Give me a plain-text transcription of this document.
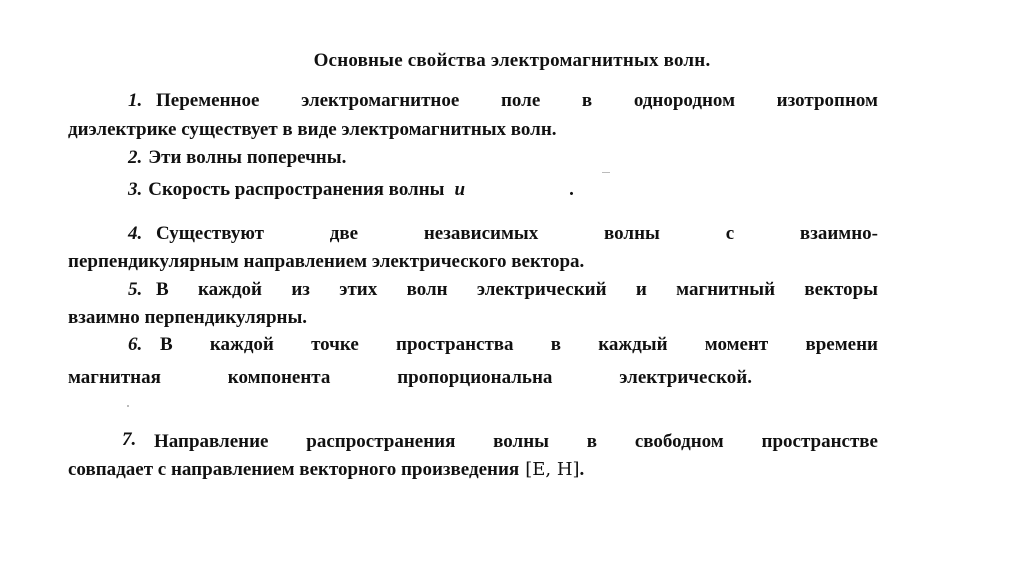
Основные свойства электромагнитных волн.
1. Переменное электромагнитное поле в однородном изотропном
диэлектрике существует в виде электромагнитных волн.
2. Эти волны поперечны.
3. Скорость распространения волны u	.
4. Существуют две независимых волны с взаимно-
перпендикулярным направлением электрического вектора.
5. В каждой из этих волн электрический и магнитный векторы
взаимно перпендикулярны.
6. В каждой точке пространства в каждый момент времени
магнитная компонента пропорциональна электрической.
7. Направление распространения волны в свободном пространстве
совпадает с направлением векторного произведения [E, H].
